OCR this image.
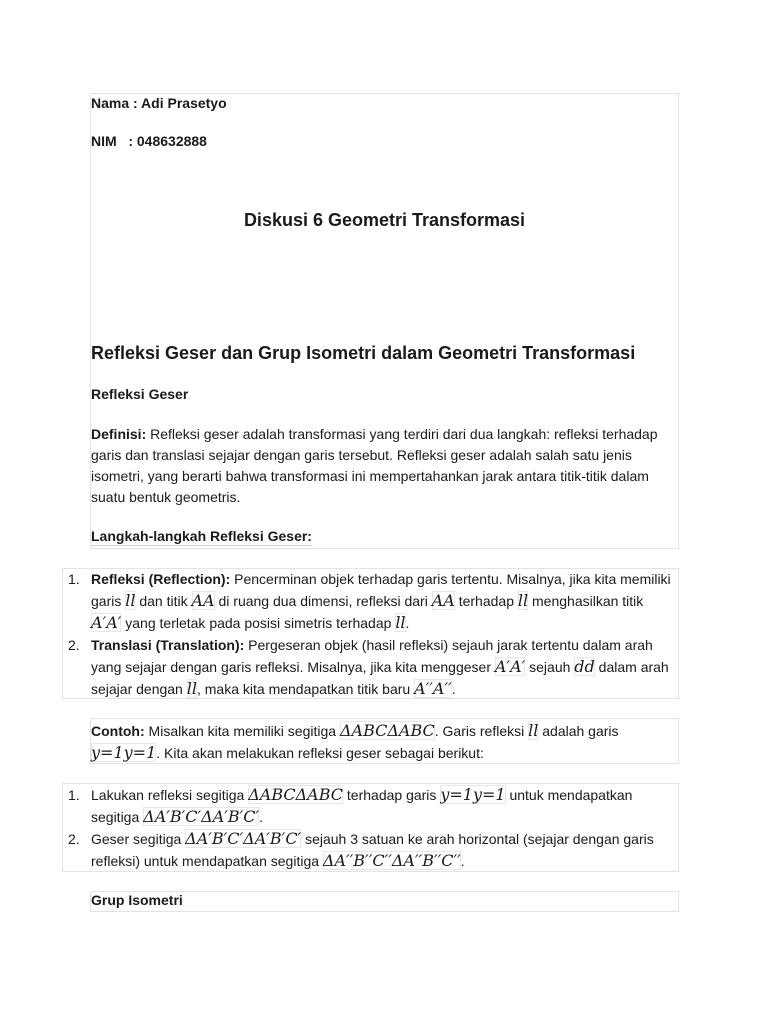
Nama : Adi Prasetyo

NIM   : 048632888

Diskusi 6 Geometri Transformasi
Refleksi Geser dan Grup Isometri dalam Geometri Transformasi

Refleksi Geser

Definisi: Refleksi geser adalah transformasi yang terdiri dari dua langkah: refleksi terhadap garis dan translasi sejajar dengan garis tersebut. Refleksi geser adalah salah satu jenis isometri, yang berarti bahwa transformasi ini mempertahankan jarak antara titik-titik dalam suatu bentuk geometris.

Langkah-langkah Refleksi Geser:

1. Refleksi (Reflection): Pencerminan objek terhadap garis tertentu. Misalnya, jika kita memiliki garis ll dan titik AA di ruang dua dimensi, refleksi dari AA terhadap ll menghasilkan titik A′A′ yang terletak pada posisi simetris terhadap ll.
2. Translasi (Translation): Pergeseran objek (hasil refleksi) sejauh jarak tertentu dalam arah yang sejajar dengan garis refleksi. Misalnya, jika kita menggeser A′A′ sejauh dd dalam arah sejajar dengan ll, maka kita mendapatkan titik baru A′′A′′.

Contoh: Misalkan kita memiliki segitiga ΔABCΔABC. Garis refleksi ll adalah garis y=1y=1. Kita akan melakukan refleksi geser sebagai berikut:

1. Lakukan refleksi segitiga ΔABCΔABC terhadap garis y=1y=1 untuk mendapatkan segitiga ΔA′B′C′ΔA′B′C′.
2. Geser segitiga ΔA′B′C′ΔA′B′C′ sejauh 3 satuan ke arah horizontal (sejajar dengan garis refleksi) untuk mendapatkan segitiga ΔA′′B′′C′′ΔA′′B′′C′′.

Grup Isometri
